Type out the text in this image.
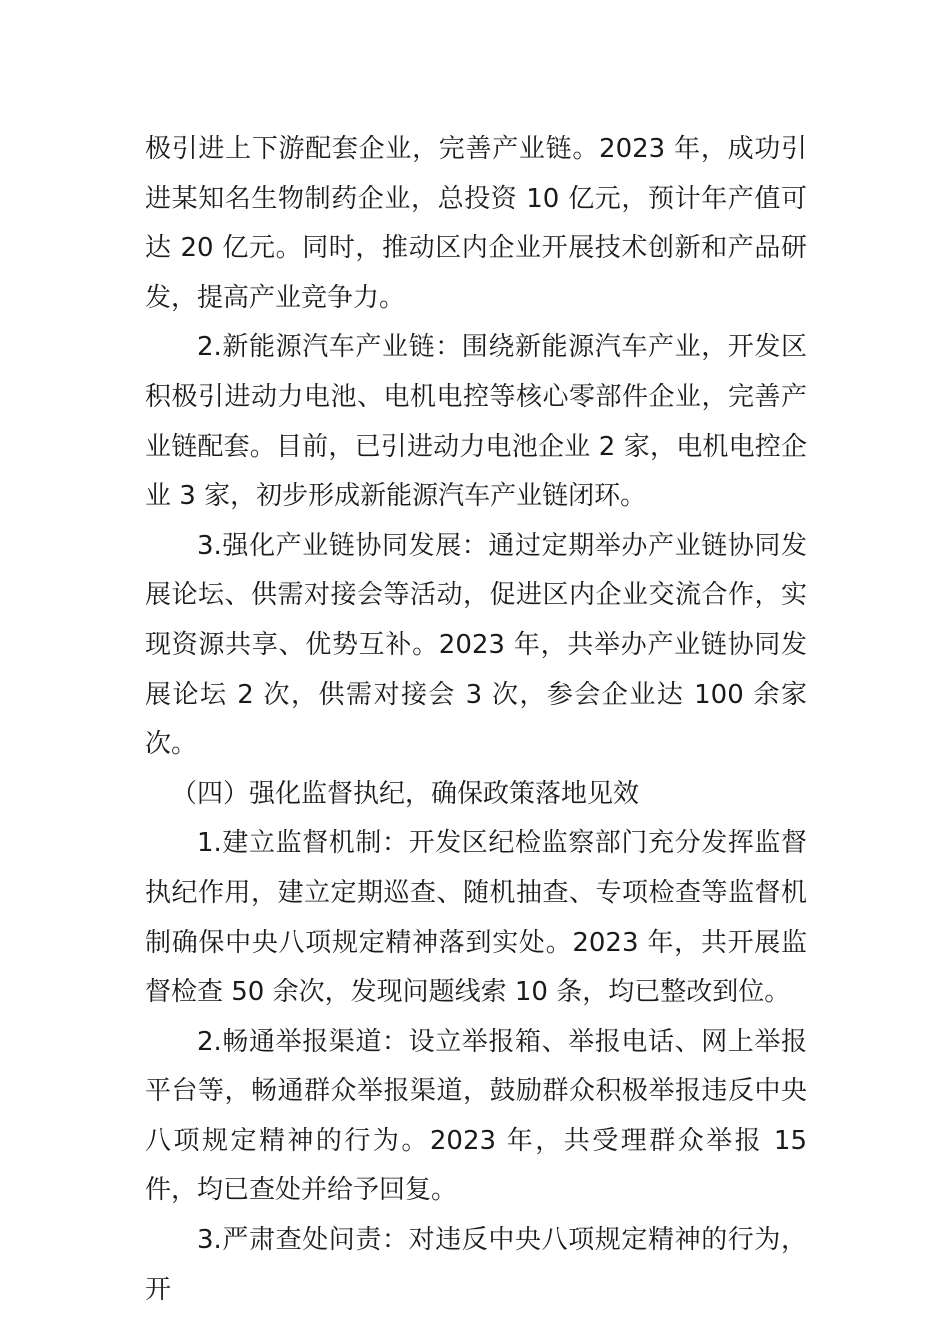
极引进上下游配套企业，完善产业链。2023 年，成功引进某知名生物制药企业，总投资 10 亿元，预计年产值可达 20 亿元。同时，推动区内企业开展技术创新和产品研发，提高产业竞争力。

2.新能源汽车产业链：围绕新能源汽车产业，开发区积极引进动力电池、电机电控等核心零部件企业，完善产业链配套。目前，已引进动力电池企业 2 家，电机电控企业 3 家，初步形成新能源汽车产业链闭环。

3.强化产业链协同发展：通过定期举办产业链协同发展论坛、供需对接会等活动，促进区内企业交流合作，实现资源共享、优势互补。2023 年，共举办产业链协同发展论坛 2 次，供需对接会 3 次，参会企业达 100 余家次。

（四）强化监督执纪，确保政策落地见效

1.建立监督机制：开发区纪检监察部门充分发挥监督执纪作用，建立定期巡查、随机抽查、专项检查等监督机制确保中央八项规定精神落到实处。2023 年，共开展监督检查 50 余次，发现问题线索 10 条，均已整改到位。

2.畅通举报渠道：设立举报箱、举报电话、网上举报平台等，畅通群众举报渠道，鼓励群众积极举报违反中央八项规定精神的行为。2023 年，共受理群众举报 15 件，均已查处并给予回复。

3.严肃查处问责：对违反中央八项规定精神的行为，开
